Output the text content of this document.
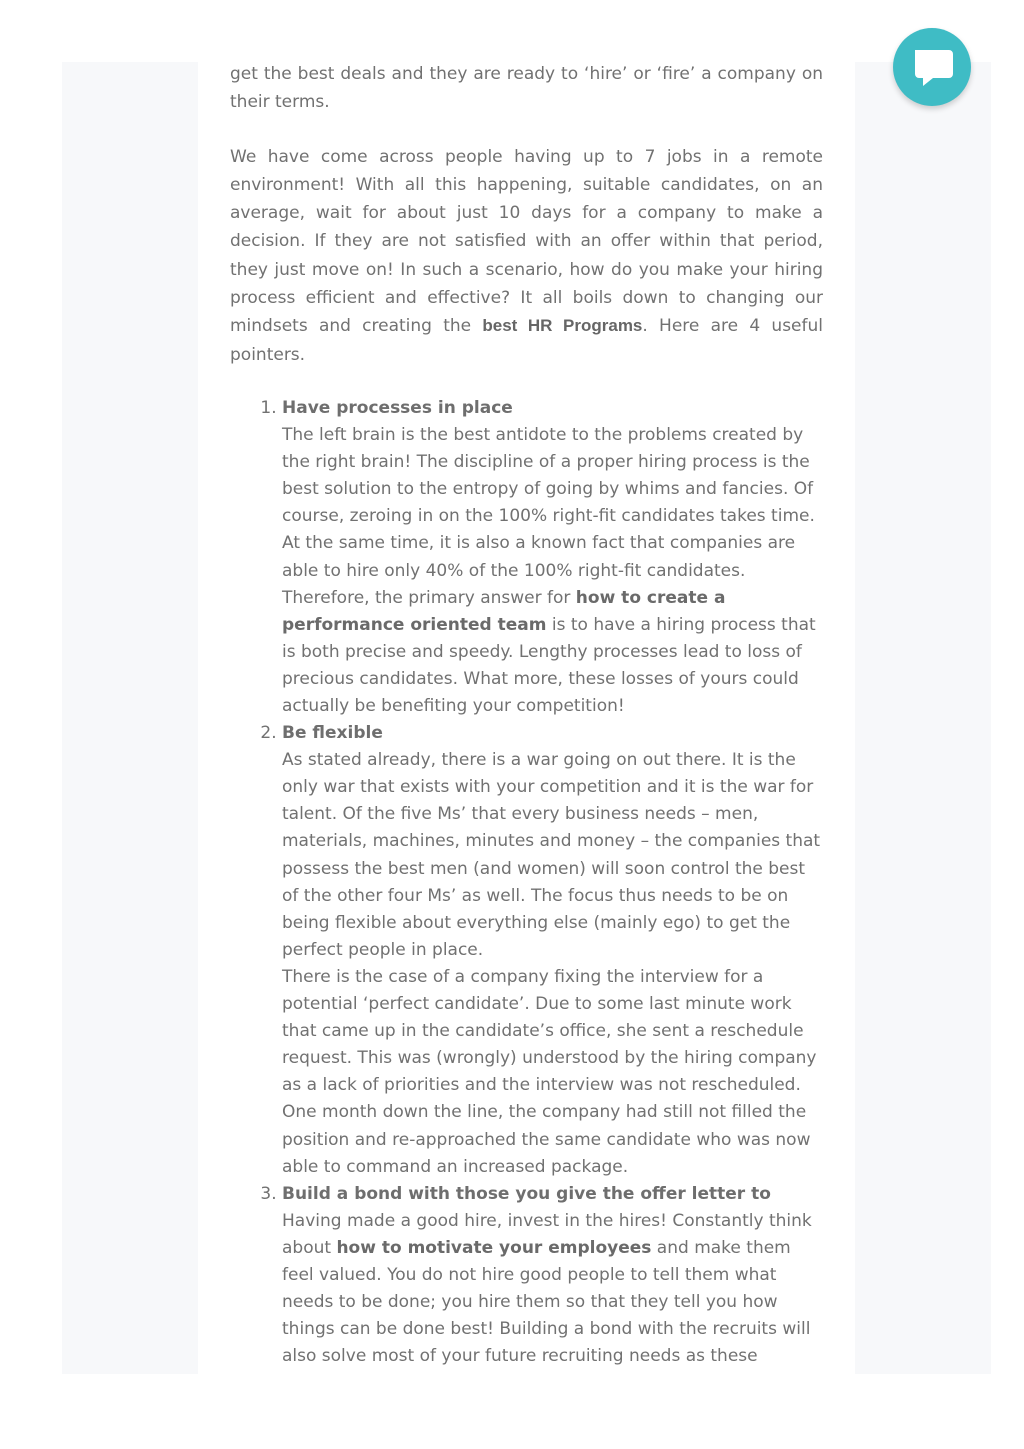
get the best deals and they are ready to ‘hire’ or ‘fire’ a company on their terms.

We have come across people having up to 7 jobs in a remote environment! With all this happening, suitable candidates, on an average, wait for about just 10 days for a company to make a decision. If they are not satisfied with an offer within that period, they just move on! In such a scenario, how do you make your hiring process efficient and effective? It all boils down to changing our mindsets and creating the best HR Programs. Here are 4 useful pointers.

1. Have processes in place
The left brain is the best antidote to the problems created by the right brain! The discipline of a proper hiring process is the best solution to the entropy of going by whims and fancies. Of course, zeroing in on the 100% right-fit candidates takes time. At the same time, it is also a known fact that companies are able to hire only 40% of the 100% right-fit candidates. Therefore, the primary answer for how to create a performance oriented team is to have a hiring process that is both precise and speedy. Lengthy processes lead to loss of precious candidates. What more, these losses of yours could actually be benefiting your competition!
2. Be flexible
As stated already, there is a war going on out there. It is the only war that exists with your competition and it is the war for talent. Of the five Ms’ that every business needs – men, materials, machines, minutes and money – the companies that possess the best men (and women) will soon control the best of the other four Ms’ as well. The focus thus needs to be on being flexible about everything else (mainly ego) to get the perfect people in place.
There is the case of a company fixing the interview for a potential ‘perfect candidate’. Due to some last minute work that came up in the candidate’s office, she sent a reschedule request. This was (wrongly) understood by the hiring company as a lack of priorities and the interview was not rescheduled. One month down the line, the company had still not filled the position and re-approached the same candidate who was now able to command an increased package.
3. Build a bond with those you give the offer letter to
Having made a good hire, invest in the hires! Constantly think about how to motivate your employees and make them feel valued. You do not hire good people to tell them what needs to be done; you hire them so that they tell you how things can be done best! Building a bond with the recruits will also solve most of your future recruiting needs as these
